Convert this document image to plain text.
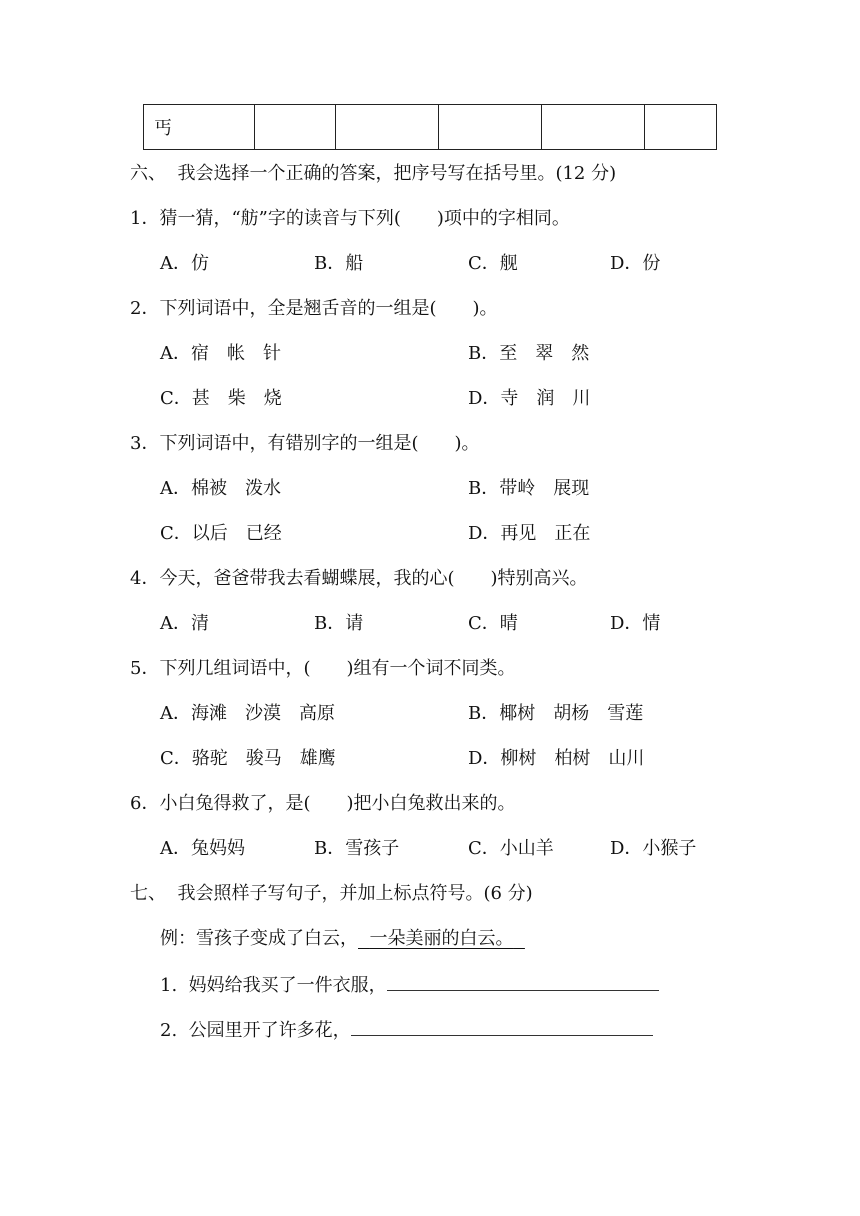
丐					
六、  我会选择一个正确的答案，把序号写在括号里。(12 分)
1．猜一猜，“舫”字的读音与下列(　　)项中的字相同。
A．仿	B．船	C．舰	D．份
2．下列词语中，全是翘舌音的一组是(　　)。
A．宿　帐　针	B．至　翠　然
C．甚　柴　烧	D．寺　润　川
3．下列词语中，有错别字的一组是(　　)。
A．棉被　泼水	B．带岭　展现
C．以后　已经	D．再见　正在
4．今天，爸爸带我去看蝴蝶展，我的心(　　)特别高兴。
A．清	B．请	C．晴	D．情
5．下列几组词语中，(　　)组有一个词不同类。
A．海滩　沙漠　高原	B．椰树　胡杨　雪莲
C．骆驼　骏马　雄鹰	D．柳树　柏树　山川
6．小白兔得救了，是(　　)把小白兔救出来的。
A．兔妈妈	B．雪孩子	C．小山羊	D．小猴子
七、  我会照样子写句子，并加上标点符号。(6 分)
例：雪孩子变成了白云， 一朵美丽的白云。
1.  妈妈给我买了一件衣服，
2.  公园里开了许多花，
